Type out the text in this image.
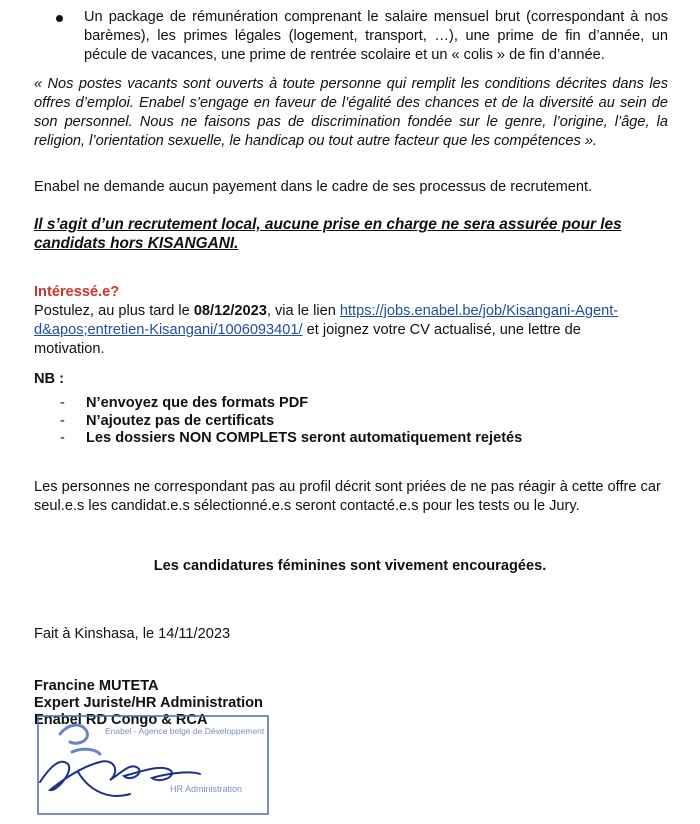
Un package de rémunération comprenant le salaire mensuel brut (correspondant à nos barèmes), les primes légales (logement, transport, …), une prime de fin d’année, un pécule de vacances, une prime de rentrée scolaire et un « colis » de fin d’année.
« Nos postes vacants sont ouverts à toute personne qui remplit les conditions décrites dans les offres d’emploi. Enabel s’engage en faveur de l’égalité des chances et de la diversité au sein de son personnel. Nous ne faisons pas de discrimination fondée sur le genre, l’origine, l’âge, la religion, l’orientation sexuelle, le handicap ou tout autre facteur que les compétences ».
Enabel ne demande aucun payement dans le cadre de ses processus de recrutement.
Il s’agit d’un recrutement local, aucune prise en charge ne sera assurée pour les candidats hors KISANGANI.
Intéressé.e?
Postulez, au plus tard le 08/12/2023, via le lien https://jobs.enabel.be/job/Kisangani-Agent-d&apos;entretien-Kisangani/1006093401/ et joignez votre CV actualisé, une lettre de motivation.
NB :
- N’envoyez que des formats PDF
- N’ajoutez pas de certificats
- Les dossiers NON COMPLETS seront automatiquement rejetés
Les personnes ne correspondant pas au profil décrit sont priées de ne pas réagir à cette offre car seul.e.s les candidat.e.s sélectionné.e.s seront contacté.e.s pour les tests ou le Jury.
Les candidatures féminines sont vivement encouragées.
Fait à Kinshasa, le 14/11/2023
Francine MUTETA
Expert Juriste/HR Administration
Enabel RD Congo & RCA
Enabel - Agence belge de Développement
HR Administration
